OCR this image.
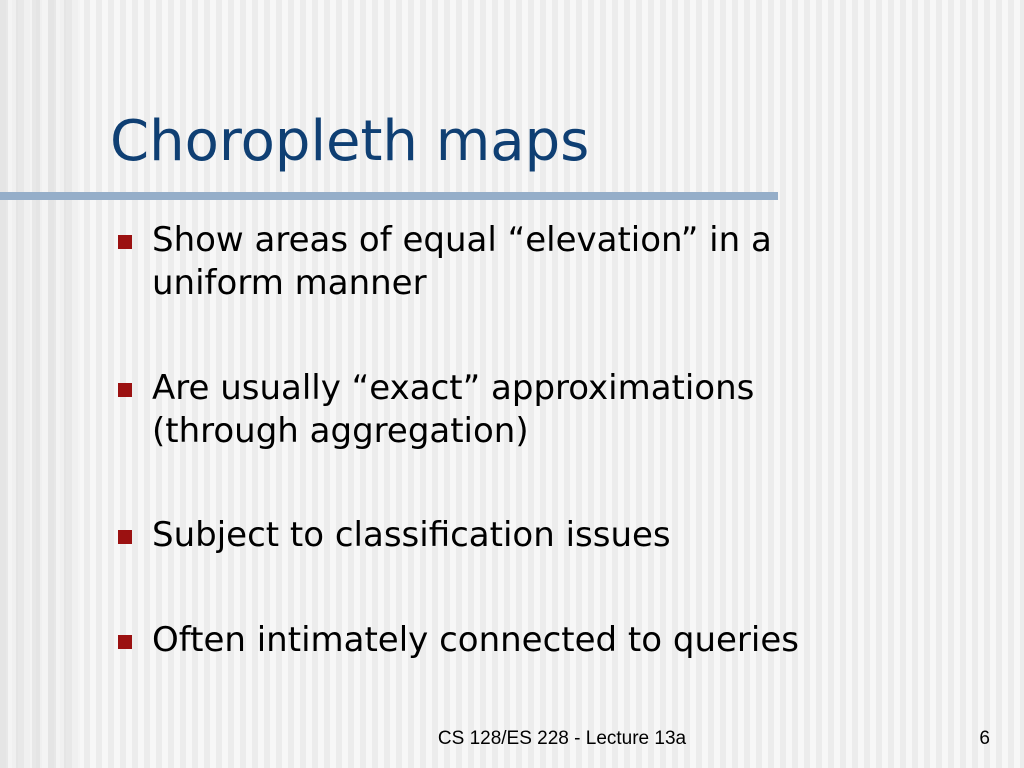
Choropleth maps
Show areas of equal “elevation” in a uniform manner
Are usually “exact” approximations (through aggregation)
Subject to classification issues
Often intimately connected to queries
CS 128/ES 228 - Lecture 13a	6
